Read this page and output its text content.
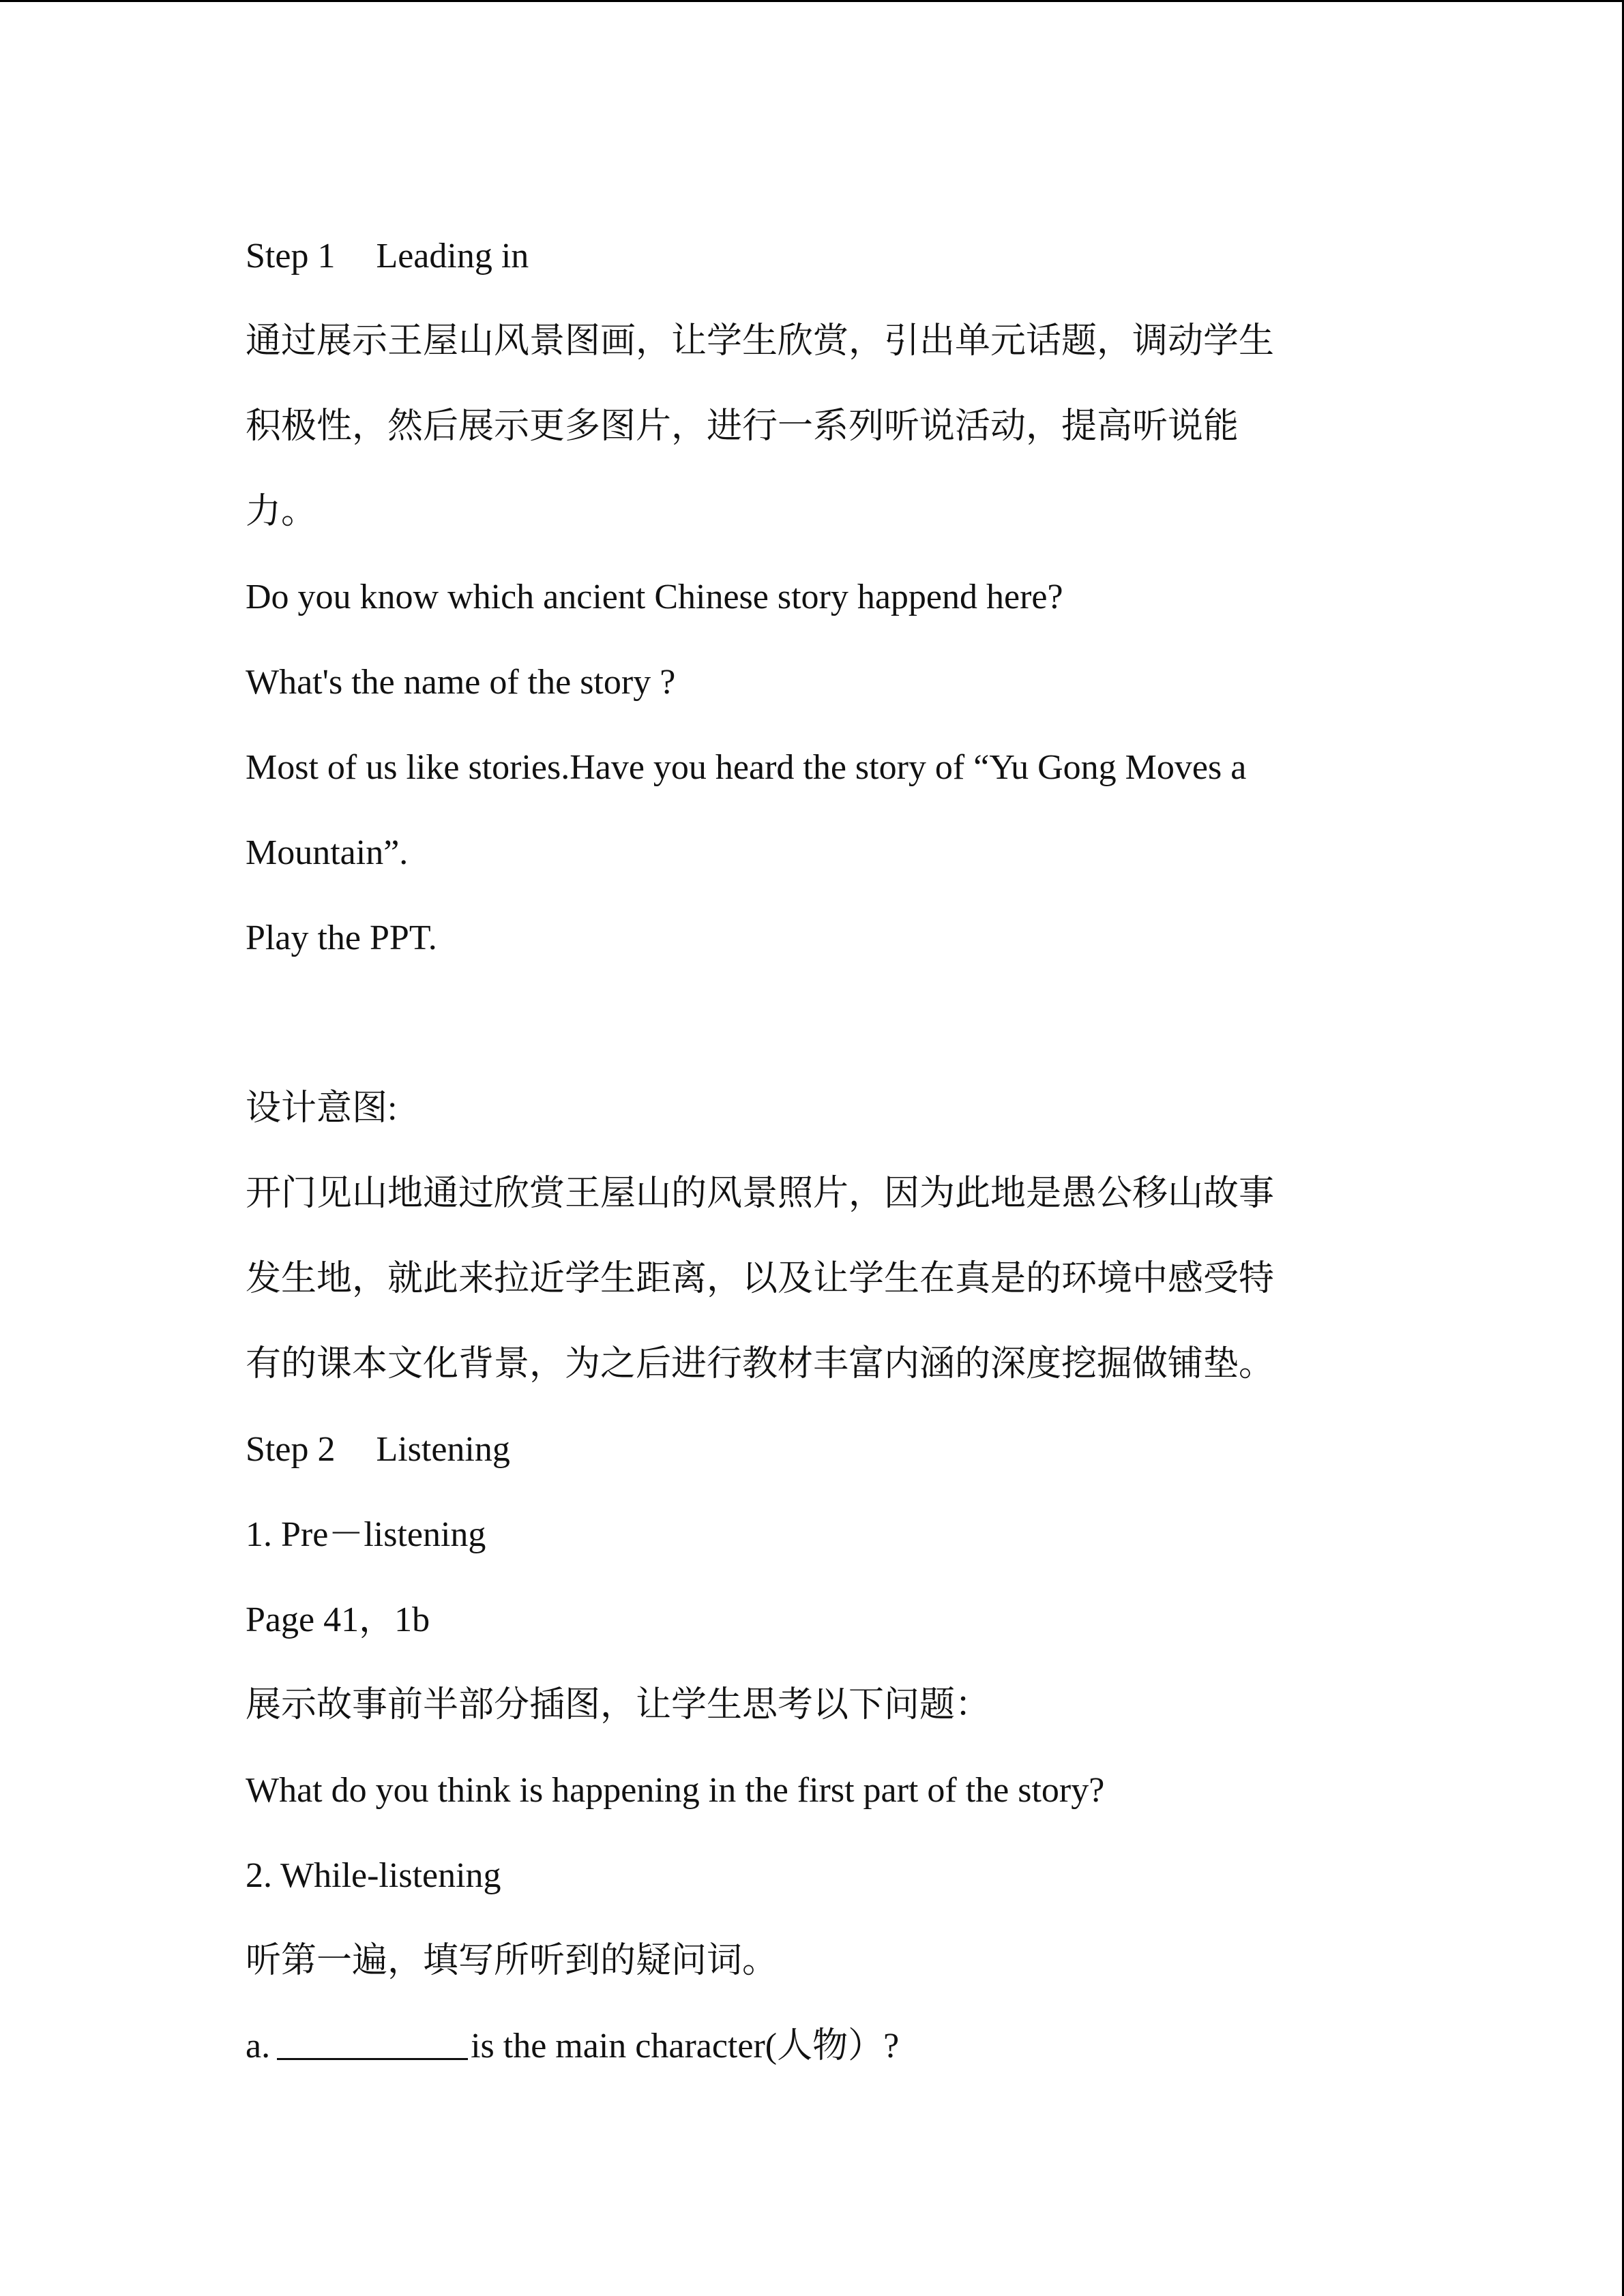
Step 1 Leading in
通过展示王屋山风景图画，让学生欣赏，引出单元话题，调动学生
积极性，然后展示更多图片，进行一系列听说活动，提高听说能
力。
Do you know which ancient Chinese story happend here?
What's the name of the story ?
Most of us like stories.Have you heard the story of “Yu Gong Moves a
Mountain”.
Play the PPT.
设计意图:
开门见山地通过欣赏王屋山的风景照片，因为此地是愚公移山故事
发生地，就此来拉近学生距离，以及让学生在真是的环境中感受特
有的课本文化背景，为之后进行教材丰富内涵的深度挖掘做铺垫。
Step 2 Listening
1. Pre－listening
Page 41，1b
展示故事前半部分插图，让学生思考以下问题：
What do you think is happening in the first part of the story?
2. While-listening
听第一遍，填写所听到的疑问词。
a.	is the main character(人物）?
